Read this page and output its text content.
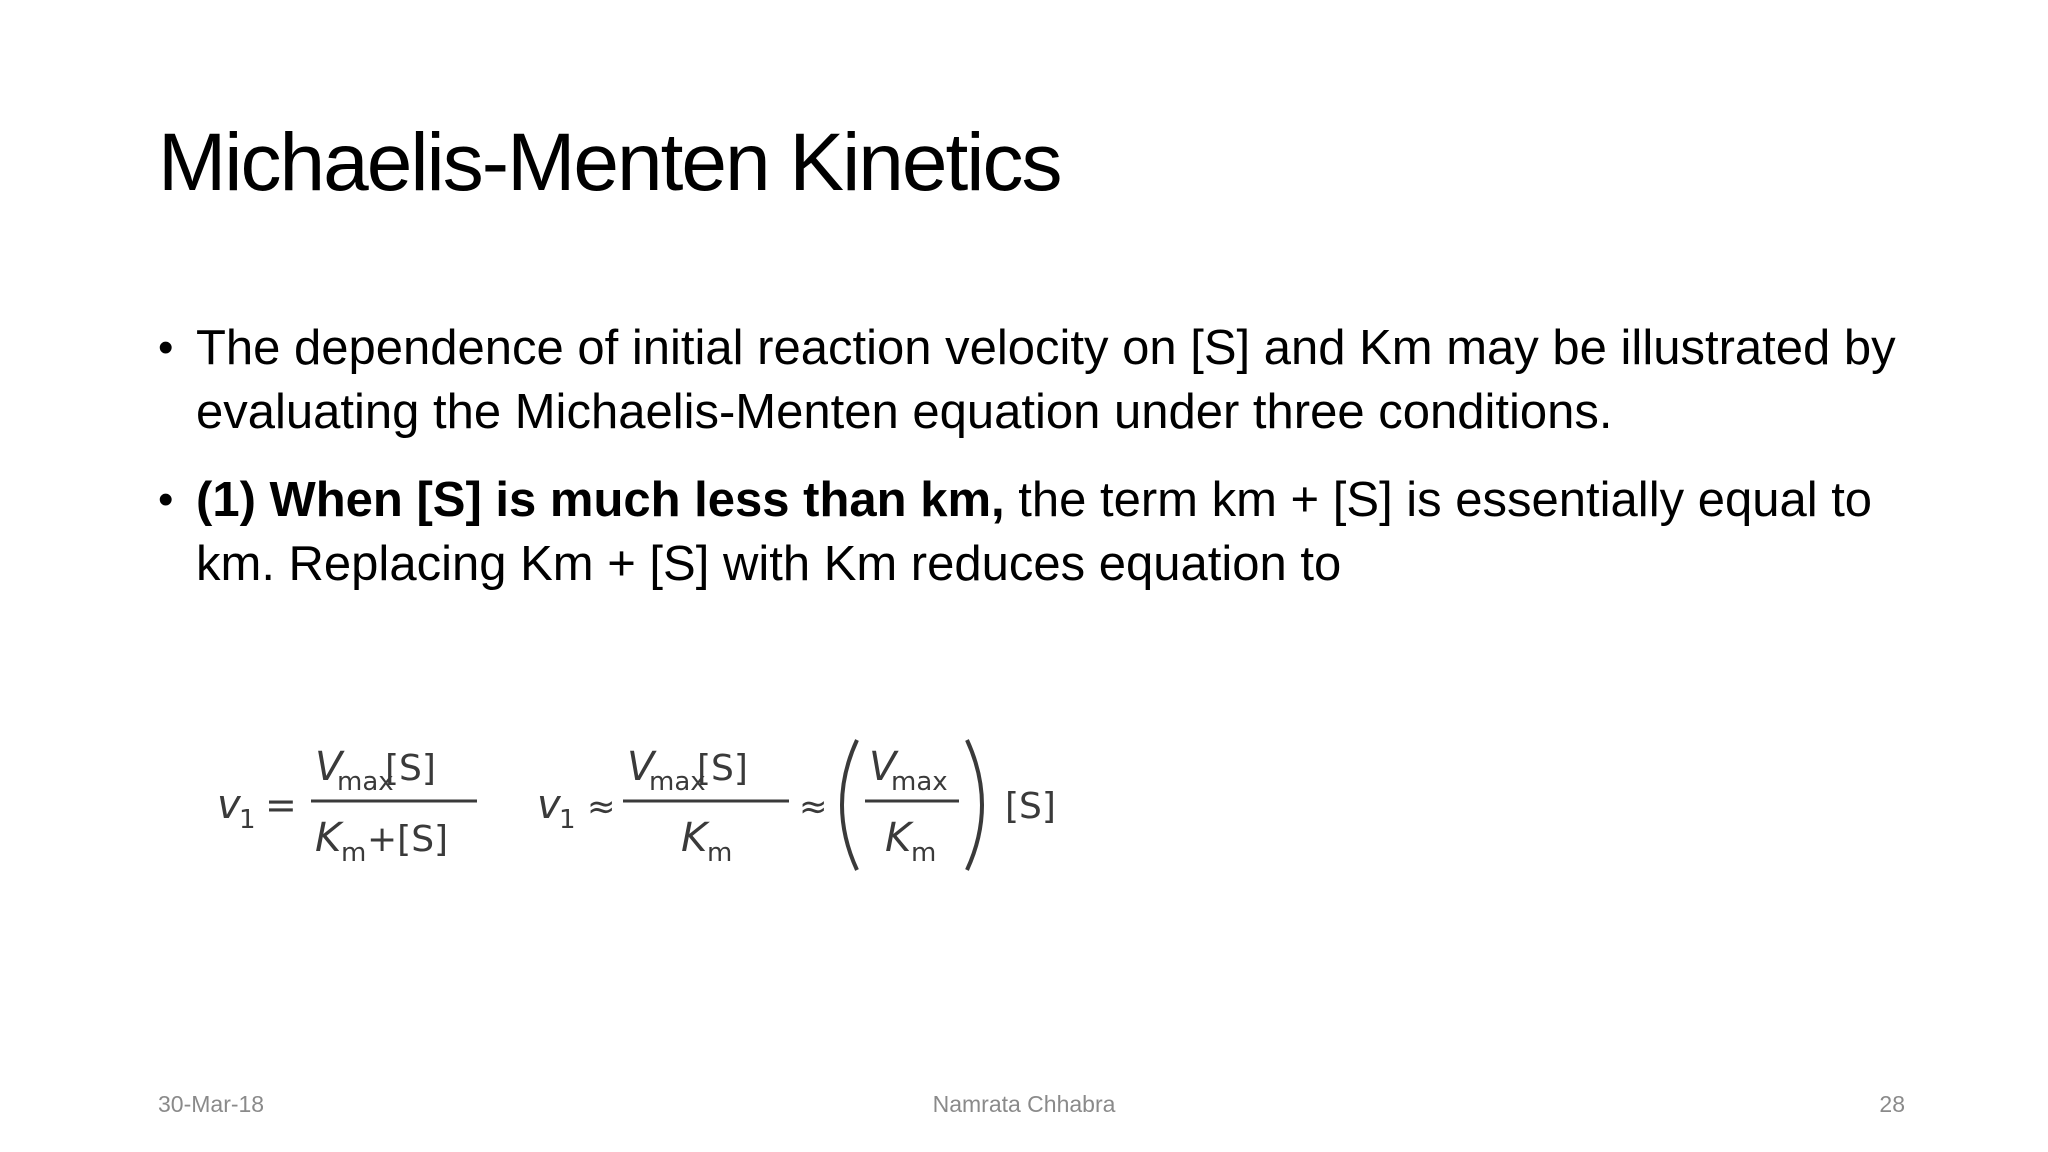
Michaelis-Menten Kinetics
• The dependence of initial reaction velocity on [S] and Km may be illustrated by evaluating the Michaelis-Menten equation under three conditions.
• (1) When [S] is much less than km, the term km + [S] is essentially equal to km. Replacing Km + [S] with Km reduces equation to
v
1 =
V
max
[S]
K m +[S]
v
1 ≈
V
max
[S]
K m
≈
V
max
K m
[S]
30-Mar-18	Namrata Chhabra	28
